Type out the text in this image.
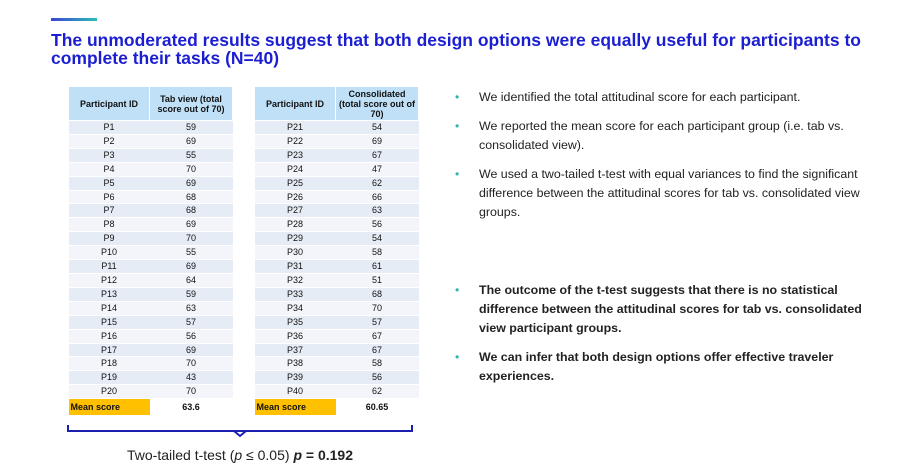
The unmoderated results suggest that both design options were equally useful for participants to complete their tasks (N=40)
Participant ID	Tab view (total score out of 70)
P1	59
P2	69
P3	55
P4	70
P5	69
P6	68
P7	68
P8	69
P9	70
P10	55
P11	69
P12	64
P13	59
P14	63
P15	57
P16	56
P17	69
P18	70
P19	43
P20	70
Mean score	63.6
Participant ID	Consolidated (total score out of 70)
P21	54
P22	69
P23	67
P24	47
P25	62
P26	66
P27	63
P28	56
P29	54
P30	58
P31	61
P32	51
P33	68
P34	70
P35	57
P36	67
P37	67
P38	58
P39	56
P40	62
Mean score	60.65
Two-tailed t-test (p ≤ 0.05) p = 0.192
• We identified the total attitudinal score for each participant.
• We reported the mean score for each participant group (i.e. tab vs. consolidated view).
• We used a two-tailed t-test with equal variances to find the significant difference between the attitudinal scores for tab vs. consolidated view groups.
• The outcome of the t-test suggests that there is no statistical difference between the attitudinal scores for tab vs. consolidated view participant groups.
• We can infer that both design options offer effective traveler experiences.
